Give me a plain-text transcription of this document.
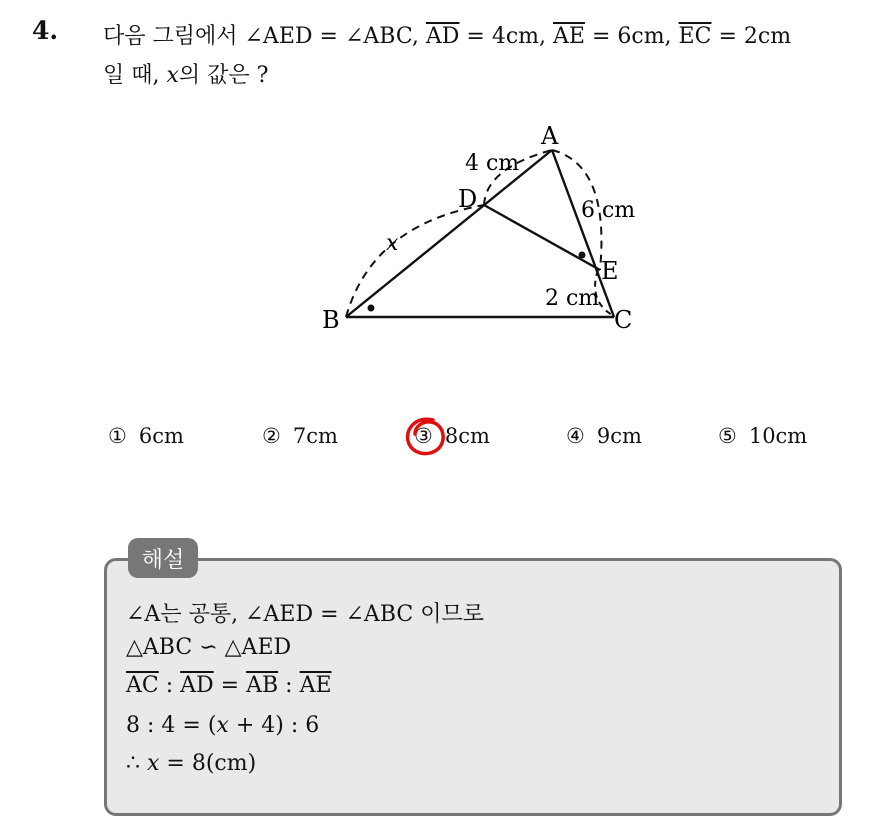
4. 다음 그림에서 ∠AED = ∠ABC, $\overline{AD} = 4cm$, $\overline{AE} = 6cm$, $\overline{EC} = 2cm$
일 때, x의 값은 ?
A
D
E
B	C
4 cm
6 cm
2 cm
x
① 6cm	② 7cm	③ 8cm	④ 9cm	⑤ 10cm
해설
∠A는 공통, ∠AED = ∠ABC 이므로
△ABC ∽ △AED
$\overline{AC}$ : $\overline{AD} = \overline{AB}$ : $\overline{AE}$
8 : 4 = (x + 4) : 6
∴ x = 8(cm)
